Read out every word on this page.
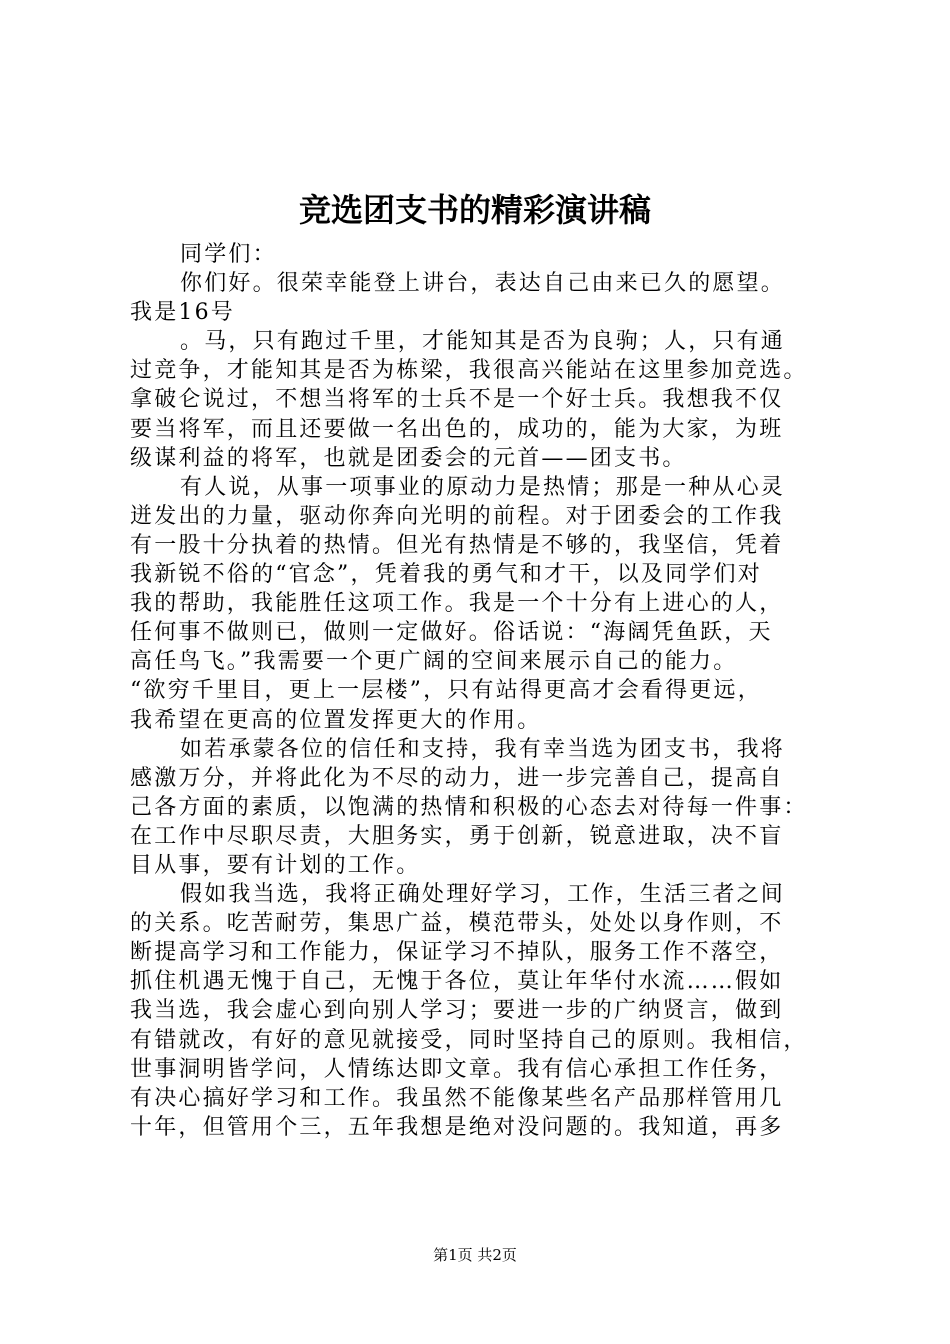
竞选团支书的精彩演讲稿
同学们：
你们好。很荣幸能登上讲台，表达自己由来已久的愿望。
我是16号
。马，只有跑过千里，才能知其是否为良驹；人，只有通
过竞争，才能知其是否为栋梁，我很高兴能站在这里参加竞选。
拿破仑说过，不想当将军的士兵不是一个好士兵。我想我不仅
要当将军，而且还要做一名出色的，成功的，能为大家，为班
级谋利益的将军，也就是团委会的元首——团支书。
有人说，从事一项事业的原动力是热情；那是一种从心灵
迸发出的力量，驱动你奔向光明的前程。对于团委会的工作我
有一股十分执着的热情。但光有热情是不够的，我坚信，凭着
我新锐不俗的“官念”，凭着我的勇气和才干，以及同学们对
我的帮助，我能胜任这项工作。我是一个十分有上进心的人，
任何事不做则已，做则一定做好。俗话说：“海阔凭鱼跃，天
高任鸟飞。”我需要一个更广阔的空间来展示自己的能力。
“欲穷千里目，更上一层楼”，只有站得更高才会看得更远，
我希望在更高的位置发挥更大的作用。
如若承蒙各位的信任和支持，我有幸当选为团支书，我将
感激万分，并将此化为不尽的动力，进一步完善自己，提高自
己各方面的素质，以饱满的热情和积极的心态去对待每一件事：
在工作中尽职尽责，大胆务实，勇于创新，锐意进取，决不盲
目从事，要有计划的工作。
假如我当选，我将正确处理好学习，工作，生活三者之间
的关系。吃苦耐劳，集思广益，模范带头，处处以身作则，不
断提高学习和工作能力，保证学习不掉队，服务工作不落空，
抓住机遇无愧于自己，无愧于各位，莫让年华付水流……假如
我当选，我会虚心到向别人学习；要进一步的广纳贤言，做到
有错就改，有好的意见就接受，同时坚持自己的原则。我相信，
世事洞明皆学问，人情练达即文章。我有信心承担工作任务，
有决心搞好学习和工作。我虽然不能像某些名产品那样管用几
十年，但管用个三，五年我想是绝对没问题的。我知道，再多
第1页 共2页
